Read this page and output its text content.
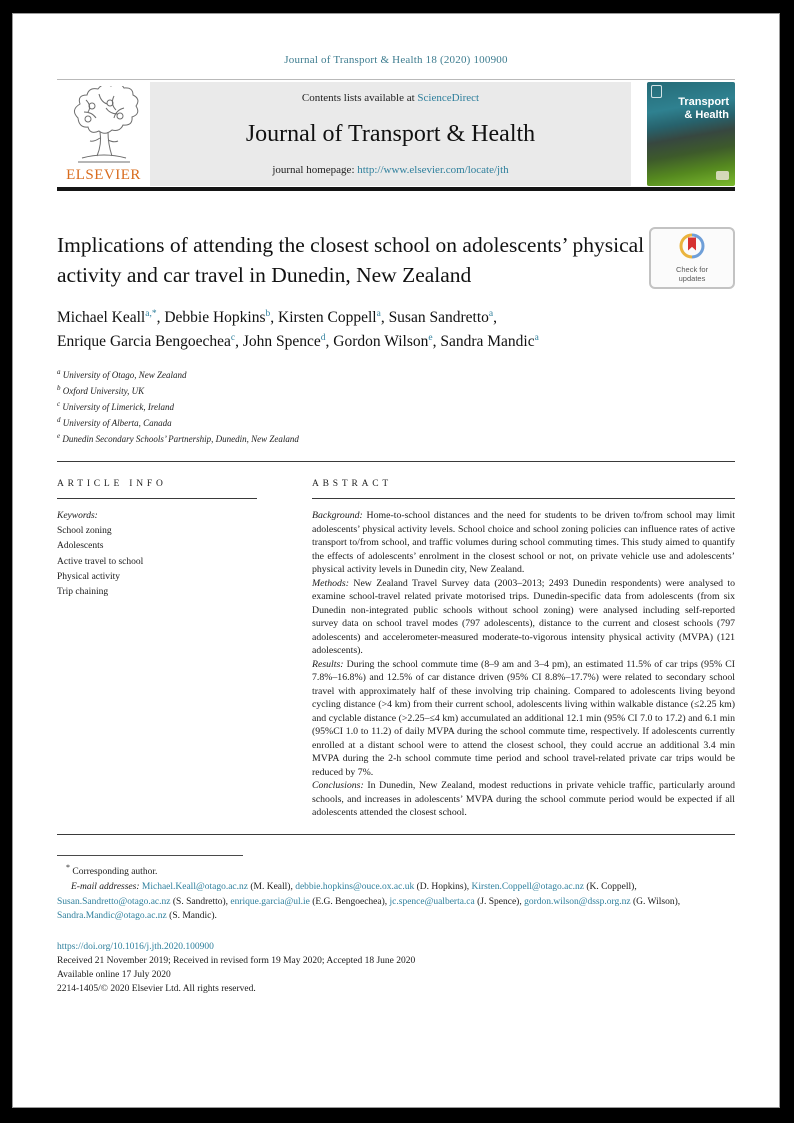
Journal of Transport & Health 18 (2020) 100900
ELSEVIER
Contents lists available at ScienceDirect
Journal of Transport & Health
journal homepage: http://www.elsevier.com/locate/jth
Transport
& Health
Implications of attending the closest school on adolescents’ physical activity and car travel in Dunedin, New Zealand	Check for
updates
Michael Keall$^{a,*}$, Debbie Hopkins$^b$, Kirsten Coppell$^a$, Susan Sandretto$^a$,
Enrique Garcia Bengoechea$^c$, John Spence$^d$, Gordon Wilson$^e$, Sandra Mandic$^a$
$^a$ University of Otago, New Zealand
$^b$ Oxford University, UK
$^c$ University of Limerick, Ireland
$^d$ University of Alberta, Canada
$^e$ Dunedin Secondary Schools’ Partnership, Dunedin, New Zealand
ARTICLE INFO
Keywords:
School zoning
Adolescents
Active travel to school
Physical activity
Trip chaining
ABSTRACT

Background: Home-to-school distances and the need for students to be driven to/from school may limit adolescents’ physical activity levels. School choice and school zoning policies can influence rates of active transport to/from school, and traffic volumes during school commuting times. This study aimed to quantify the effects of adolescents’ enrolment in the closest school or not, on private vehicle use and adolescents’ physical activity levels in Dunedin city, New Zealand.

Methods: New Zealand Travel Survey data (2003–2013; 2493 Dunedin respondents) were analysed to examine school-travel related private motorised trips. Dunedin-specific data from adolescents (from six Dunedin non-integrated public schools without school zoning) were analysed including self-reported survey data on school travel modes (797 adolescents), distance to the current and closest schools (797 adolescents) and accelerometer-measured moderate-to-vigorous intensity physical activity (MVPA) (121 adolescents).

Results: During the school commute time (8–9 am and 3–4 pm), an estimated 11.5% of car trips (95% CI 7.8%–16.8%) and 12.5% of car distance driven (95% CI 8.8%–17.7%) were related to secondary school travel with approximately half of these involving trip chaining. Compared to adolescents living beyond cycling distance (>4 km) from their current school, adolescents living within walkable distance (≤2.25 km) and cyclable distance (>2.25–≤4 km) accumulated an additional 12.1 min (95% CI 7.0 to 17.2) and 6.1 min (95%CI 1.0 to 11.2) of daily MVPA during the school commute time, respectively. If adolescents currently enrolled at a distant school were to attend the closest school, they could accrue an additional 3.4 min MVPA during the 2-h school commute time period and school travel-related private car trips would be reduced by 7%.

Conclusions: In Dunedin, New Zealand, modest reductions in private vehicle traffic, particularly around schools, and increases in adolescents’ MVPA during the school commute period would be expected if all adolescents attended the closest school.

* Corresponding author.

E-mail addresses: Michael.Keall@otago.ac.nz (M. Keall), debbie.hopkins@ouce.ox.ac.uk (D. Hopkins), Kirsten.Coppell@otago.ac.nz (K. Coppell), Susan.Sandretto@otago.ac.nz (S. Sandretto), enrique.garcia@ul.ie (E.G. Bengoechea), jc.spence@ualberta.ca (J. Spence), gordon.wilson@dssp.org.nz (G. Wilson), Sandra.Mandic@otago.ac.nz (S. Mandic).

https://doi.org/10.1016/j.jth.2020.100900

Received 21 November 2019; Received in revised form 19 May 2020; Accepted 18 June 2020

Available online 17 July 2020

2214-1405/© 2020 Elsevier Ltd. All rights reserved.
